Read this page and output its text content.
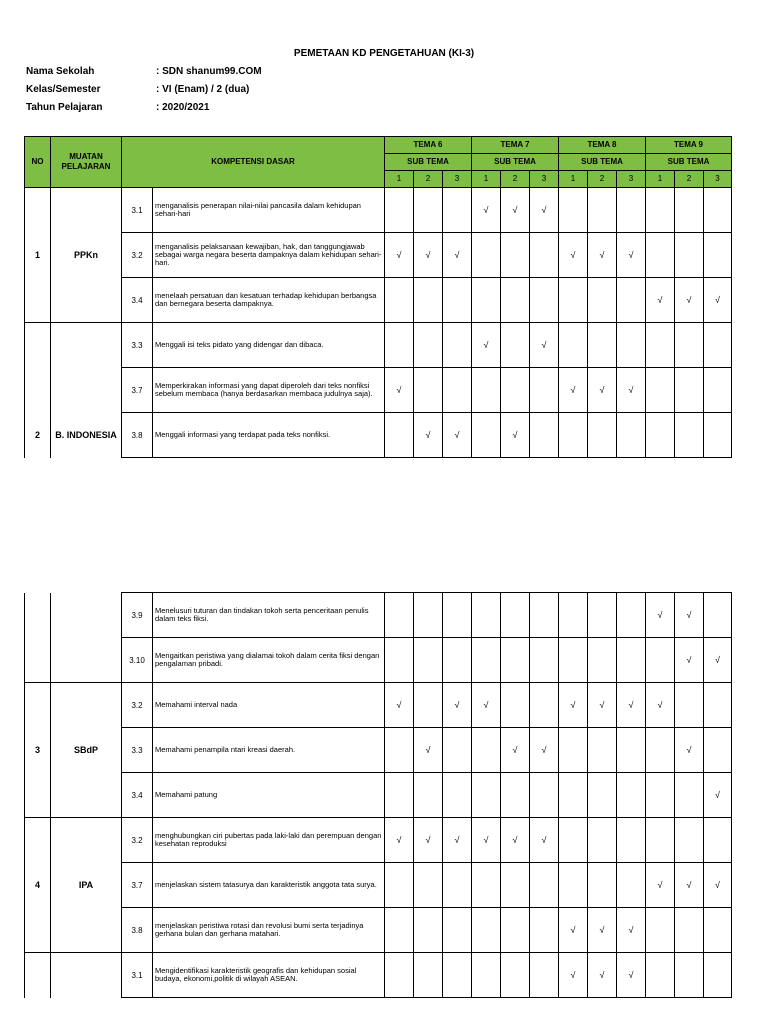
PEMETAAN KD PENGETAHUAN (KI-3)
Nama Sekolah	: SDN shanum99.COM
Kelas/Semester	: VI (Enam) / 2 (dua)
Tahun Pelajaran	: 2020/2021
NO	MUATAN PELAJARAN	KOMPETENSI DASAR		TEMA 6			TEMA 7			TEMA 8			TEMA 9		
				SUB TEMA			SUB TEMA			SUB TEMA			SUB TEMA		
				1	2	3	1	2	3	1	2	3	1	2	3
1	PPKn	3.1	menganalisis penerapan nilai-nilai pancasila dalam kehidupan sehari-hari				√	√	√						
		3.2	menganalisis pelaksanaan kewajiban, hak, dan tanggungjawab sebagai warga negara beserta dampaknya dalam kehidupan sehari-hari.	√	√	√				√	√	√			
		3.4	menelaah persatuan dan kesatuan terhadap kehidupan berbangsa dan bernegara beserta dampaknya.										√	√	√
		3.3	Menggali isi teks pidato yang didengar dan dibaca.				√		√						
		3.7	Memperkirakan informasi yang dapat diperoleh dari teks nonfiksi sebelum membaca (hanya berdasarkan membaca judulnya saja).	√						√	√	√			
2	B. INDONESIA	3.8	Menggali informasi yang terdapat pada teks nonfiksi.		√	√		√							
		3.9	Menelusuri tuturan dan tindakan tokoh serta penceritaan penulis dalam teks fiksi.										√	√	
		3.10	Mengaitkan peristiwa yang dialamai tokoh dalam cerita fiksi dengan pengalaman pribadi.											√	√
3	SBdP	3.2	Memahami interval nada	√		√	√			√	√	√	√		
		3.3	Memahami penampila ntari kreasi daerah.		√			√	√					√	
		3.4	Memahami patung												√
4	IPA	3.2	menghubungkan ciri pubertas pada laki-laki dan perempuan dengan kesehatan reproduksi	√	√	√	√	√	√						
		3.7	menjelaskan sistem tatasurya dan karakteristik anggota tata surya.										√	√	√
		3.8	menjelaskan peristiwa rotasi dan revolusi bumi serta terjadinya gerhana bulan dan gerhana matahari.							√	√	√			
		3.1	Mengidentifikasi karakteristik geografis dan kehidupan sosial budaya, ekonomi,politik di wilayah ASEAN.							√	√	√			
